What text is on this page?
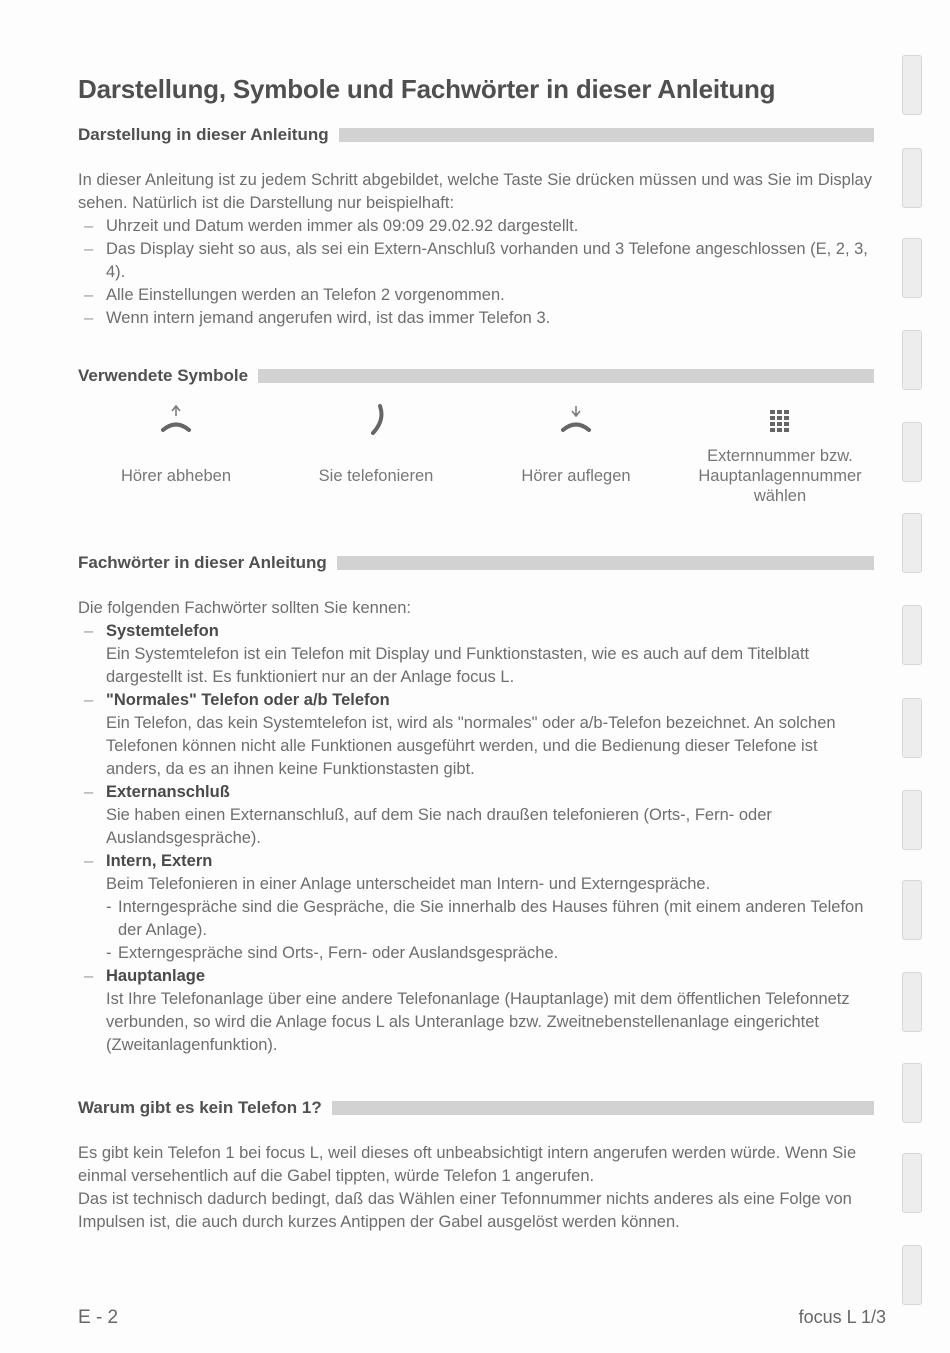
Darstellung, Symbole und Fachwörter in dieser Anleitung
Darstellung in dieser Anleitung

In dieser Anleitung ist zu jedem Schritt abgebildet, welche Taste Sie drücken müssen und was Sie im Display sehen. Natürlich ist die Darstellung nur beispielhaft:

– Uhrzeit und Datum werden immer als 09:09 29.02.92 dargestellt.
– Das Display sieht so aus, als sei ein Extern-Anschluß vorhanden und 3 Telefone angeschlossen (E, 2, 3, 4).
– Alle Einstellungen werden an Telefon 2 vorgenommen.
– Wenn intern jemand angerufen wird, ist das immer Telefon 3.
Verwendete Symbole
Hörer abheben	Sie telefonieren	Hörer auflegen
Externnummer bzw.
Hauptanlagennummer
wählen
Fachwörter in dieser Anleitung

Die folgenden Fachwörter sollten Sie kennen:

– Systemtelefon
Ein Systemtelefon ist ein Telefon mit Display und Funktionstasten, wie es auch auf dem Titelblatt dargestellt ist. Es funktioniert nur an der Anlage focus L.
– "Normales" Telefon oder a/b Telefon
Ein Telefon, das kein Systemtelefon ist, wird als "normales" oder a/b-Telefon bezeichnet. An solchen Telefonen können nicht alle Funktionen ausgeführt werden, und die Bedienung dieser Telefone ist anders, da es an ihnen keine Funktionstasten gibt.
– Externanschluß
Sie haben einen Externanschluß, auf dem Sie nach draußen telefonieren (Orts-, Fern- oder Auslandsgespräche).
– Intern, Extern
Beim Telefonieren in einer Anlage unterscheidet man Intern- und Externgespräche.
- Interngespräche sind die Gespräche, die Sie innerhalb des Hauses führen (mit einem anderen Telefon der Anlage).
- Externgespräche sind Orts-, Fern- oder Auslandsgespräche.
– Hauptanlage
Ist Ihre Telefonanlage über eine andere Telefonanlage (Hauptanlage) mit dem öffentlichen Telefonnetz verbunden, so wird die Anlage focus L als Unteranlage bzw. Zweitnebenstellenanlage eingerichtet (Zweitanlagenfunktion).
Warum gibt es kein Telefon 1?

Es gibt kein Telefon 1 bei focus L, weil dieses oft unbeabsichtigt intern angerufen werden würde. Wenn Sie einmal versehentlich auf die Gabel tippten, würde Telefon 1 angerufen.

Das ist technisch dadurch bedingt, daß das Wählen einer Tefonnummer nichts anderes als eine Folge von Impulsen ist, die auch durch kurzes Antippen der Gabel ausgelöst werden können.

E - 2	focus L 1/3
